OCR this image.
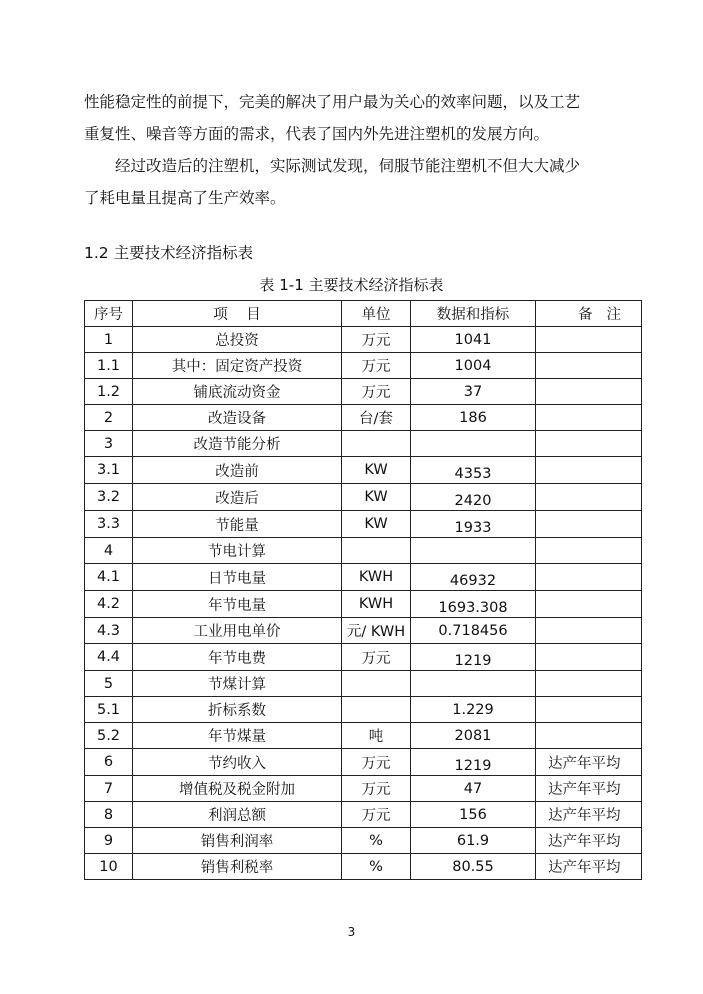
性能稳定性的前提下，完美的解决了用户最为关心的效率问题，以及工艺
重复性、噪音等方面的需求，代表了国内外先进注塑机的发展方向。
经过改造后的注塑机，实际测试发现，伺服节能注塑机不但大大减少
了耗电量且提高了生产效率。

1.2 主要技术经济指标表

表 1-1 主要技术经济指标表

序号	项    目	单位	数据和指标	备注
1	总投资	万元	1041	
1.1	其中：固定资产投资	万元	1004	
1.2	铺底流动资金	万元	37	
2	改造设备	台/套	186	
3	改造节能分析			
3.1	改造前	KW	4353	
3.2	改造后	KW	2420	
3.3	节能量	KW	1933	
4	节电计算			
4.1	日节电量	KWH	46932	
4.2	年节电量	KWH	1693.308	
4.3	工业用电单价	元/ KWH	0.718456	
4.4	年节电费	万元	1219	
5	节煤计算			
5.1	折标系数		1.229	
5.2	年节煤量	吨	2081	
6	节约收入	万元	1219	达产年平均
7	增值税及税金附加	万元	47	达产年平均
8	利润总额	万元	156	达产年平均
9	销售利润率	%	61.9	达产年平均
10	销售利税率	%	80.55	达产年平均

3
